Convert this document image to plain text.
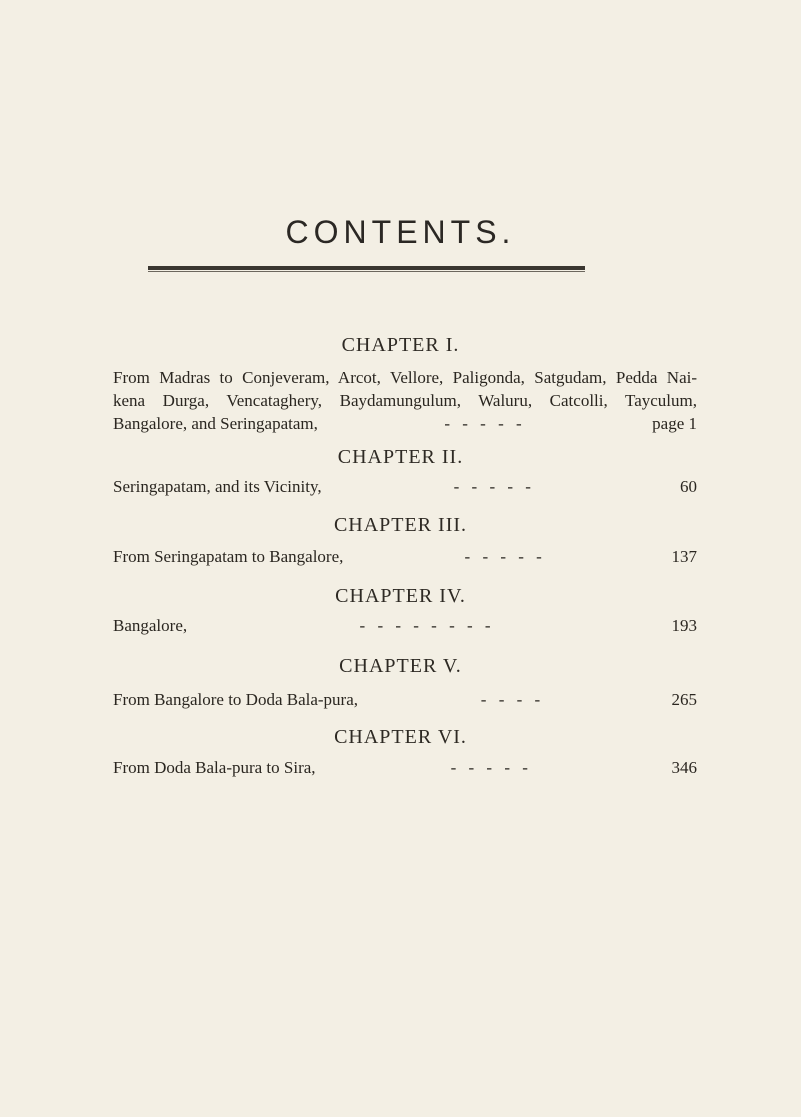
CONTENTS.
CHAPTER I.
From Madras to Conjeveram, Arcot, Vellore, Paligonda, Satgudam, Pedda Nai-
kena Durga, Vencataghery, Baydamungulum, Waluru, Catcolli, Tayculum,
Bangalore, and Seringapatam,	- - - - -	page 1
CHAPTER II.
Seringapatam, and its Vicinity,	- - - - -	60
CHAPTER III.
From Seringapatam to Bangalore,	- - - - -	137
CHAPTER IV.
Bangalore,	- - - - - - - -	193
CHAPTER V.
From Bangalore to Doda Bala-pura,	- - - -	265
CHAPTER VI.
From Doda Bala-pura to Sira,	- - - - -	346
